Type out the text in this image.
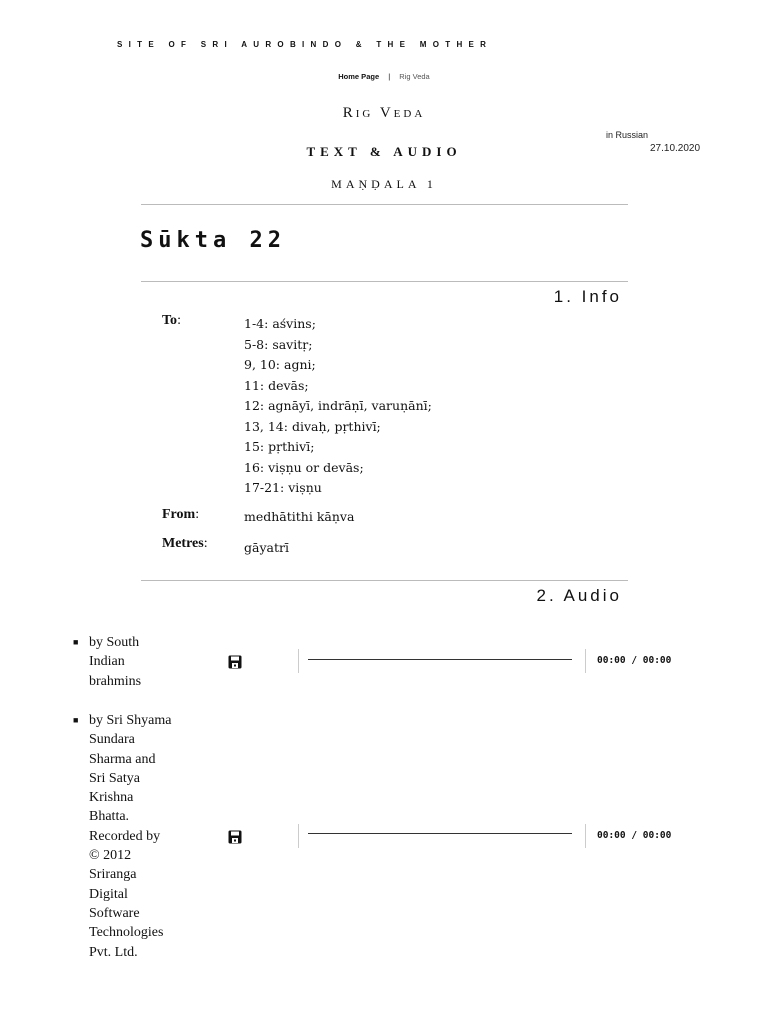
SITE OF SRI AUROBINDO & THE MOTHER
Home Page | Rig Veda
Rig Veda
TEXT & AUDIO
MAṆḌALA 1
in Russian
27.10.2020
Sūkta 22
1. Info
To:	1-4: aśvins;
5-8: savitṛ;
9, 10: agni;
11: devās;
12: agnāyī, indrāṇī, varuṇānī;
13, 14: divaḥ, pṛthivī;
15: pṛthivī;
16: viṣṇu or devās;
17-21: viṣṇu
From:	medhātithi kāṇva
Metres:	gāyatrī
2. Audio
■ by South
Indian
brahmins
00:00 / 00:00
■ by Sri Shyama
Sundara
Sharma and
Sri Satya
Krishna
Bhatta.
Recorded by
© 2012
Sriranga
Digital
Software
Technologies
Pvt. Ltd.
00:00 / 00:00
